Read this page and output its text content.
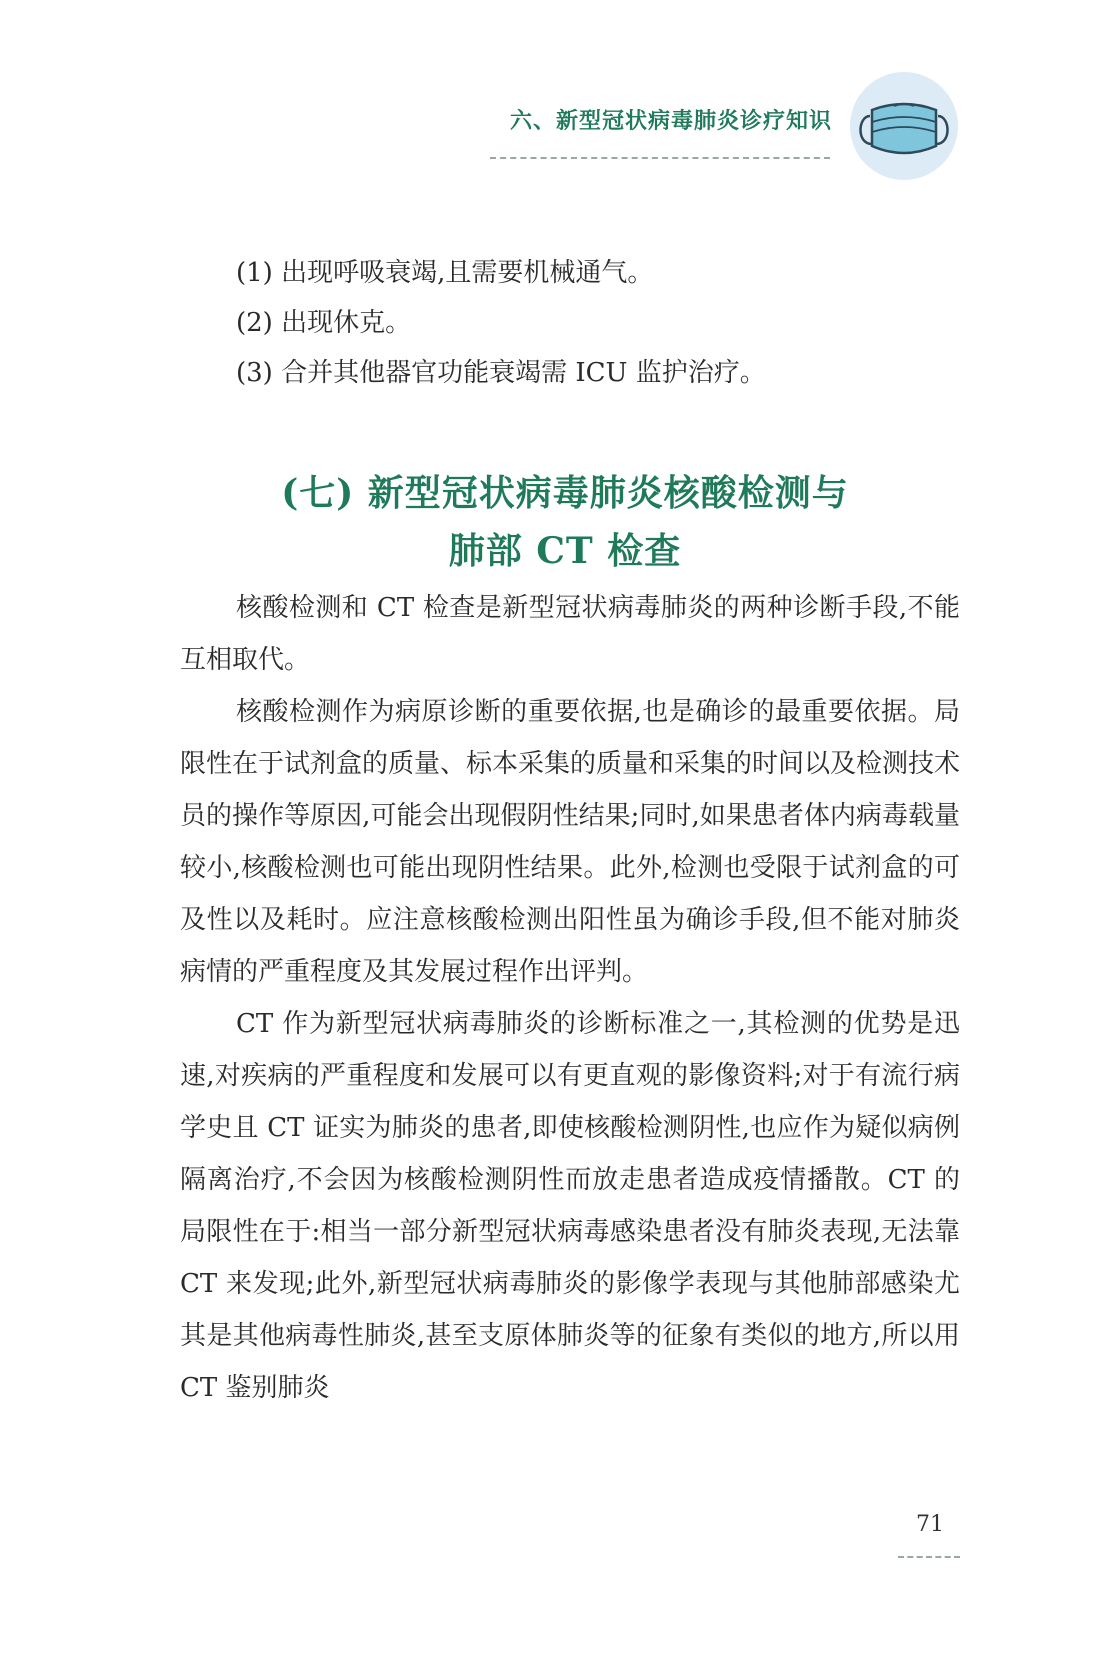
六、新型冠状病毒肺炎诊疗知识
(1) 出现呼吸衰竭,且需要机械通气。
(2) 出现休克。
(3) 合并其他器官功能衰竭需 ICU 监护治疗。
(七) 新型冠状病毒肺炎核酸检测与
肺部 CT 检查

核酸检测和 CT 检查是新型冠状病毒肺炎的两种诊断手段,不能互相取代。

核酸检测作为病原诊断的重要依据,也是确诊的最重要依据。局限性在于试剂盒的质量、标本采集的质量和采集的时间以及检测技术员的操作等原因,可能会出现假阴性结果;同时,如果患者体内病毒载量较小,核酸检测也可能出现阴性结果。此外,检测也受限于试剂盒的可及性以及耗时。应注意核酸检测出阳性虽为确诊手段,但不能对肺炎病情的严重程度及其发展过程作出评判。

CT 作为新型冠状病毒肺炎的诊断标准之一,其检测的优势是迅速,对疾病的严重程度和发展可以有更直观的影像资料;对于有流行病学史且 CT 证实为肺炎的患者,即使核酸检测阴性,也应作为疑似病例隔离治疗,不会因为核酸检测阴性而放走患者造成疫情播散。CT 的局限性在于:相当一部分新型冠状病毒感染患者没有肺炎表现,无法靠 CT 来发现;此外,新型冠状病毒肺炎的影像学表现与其他肺部感染尤其是其他病毒性肺炎,甚至支原体肺炎等的征象有类似的地方,所以用 CT 鉴别肺炎

71
